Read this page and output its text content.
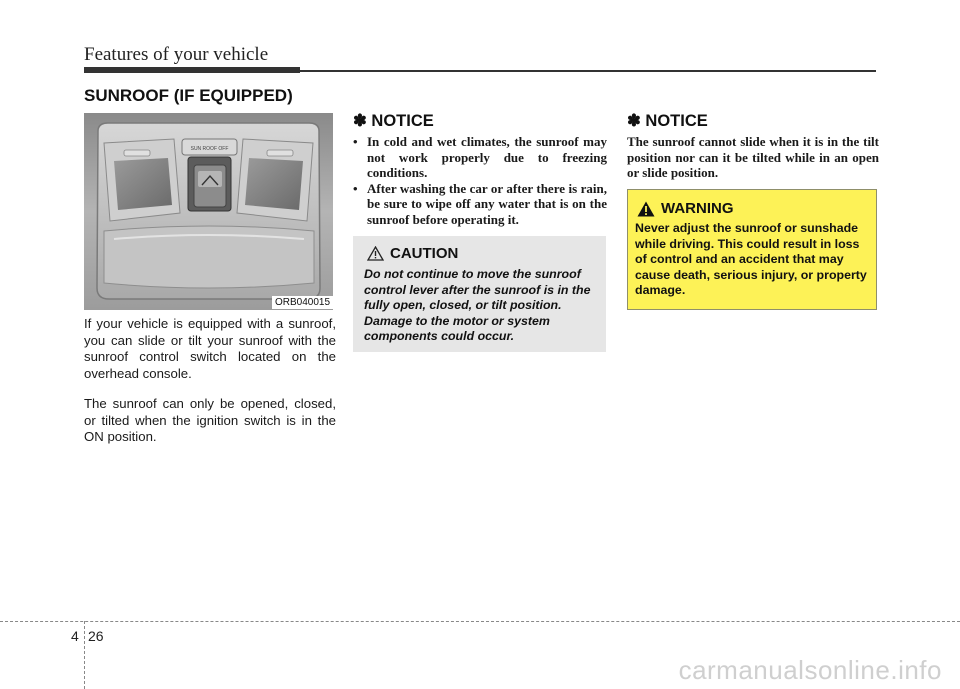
Features of your vehicle
SUNROOF (IF EQUIPPED)
SUN ROOF OFF
ORB040015

If your vehicle is equipped with a sunroof, you can slide or tilt your sunroof with the sunroof control switch located on the overhead console.

The sunroof can only be opened, closed, or tilted when the ignition switch is in the ON position.

✽ NOTICE
• In cold and wet climates, the sunroof may not work properly due to freezing conditions.
• After washing the car or after there is rain, be sure to wipe off any water that is on the sunroof before operating it.
CAUTION
Do not continue to move the sunroof control lever after the sunroof is in the fully open, closed, or tilt position. Damage to the motor or system components could occur.
✽ NOTICE

The sunroof cannot slide when it is in the tilt position nor can it be tilted while in an open or slide position.

WARNING
Never adjust the sunroof or sunshade while driving. This could result in loss of control and an accident that may cause death, serious injury, or property damage.
4 26
carmanualsonline.info
